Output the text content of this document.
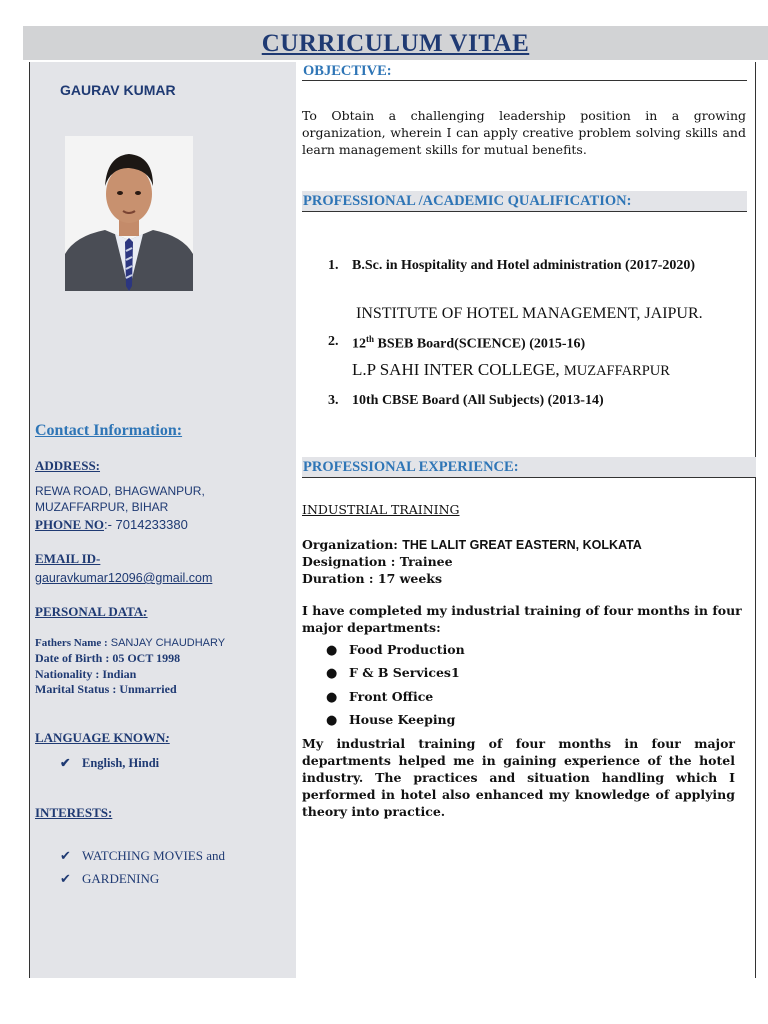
CURRICULUM VITAE
GAURAV KUMAR
Contact Information:
ADDRESS:
REWA ROAD, BHAGWANPUR,
MUZAFFARPUR, BIHAR
PHONE NO:- 7014233380
EMAIL ID-
gauravkumar12096@gmail.com
PERSONAL DATA:
Fathers Name : SANJAY CHAUDHARY
Date of Birth : 05 OCT 1998
Nationality : Indian
Marital Status : Unmarried
LANGUAGE KNOWN:
✔ English, Hindi
INTERESTS:
✔ WATCHING MOVIES and
✔ GARDENING
OBJECTIVE:
To Obtain a challenging leadership position in a growing organization, wherein I can apply creative problem solving skills and learn management skills for mutual benefits.
PROFESSIONAL /ACADEMIC QUALIFICATION:
1. B.Sc. in Hospitality and Hotel administration (2017-2020)
INSTITUTE OF HOTEL MANAGEMENT, JAIPUR.
2. 12th BSEB Board(SCIENCE) (2015-16)
L.P SAHI INTER COLLEGE, MUZAFFARPUR
3. 10th CBSE Board (All Subjects) (2013-14)
PROFESSIONAL EXPERIENCE:
INDUSTRIAL TRAINING
Organization: THE LALIT GREAT EASTERN, KOLKATA
Designation : Trainee
Duration : 17 weeks
I have completed my industrial training of four months in four major departments:
● Food Production
● F & B Services1
● Front Office
● House Keeping
My industrial training of four months in four major departments helped me in gaining experience of the hotel industry. The practices and situation handling which I performed in hotel also enhanced my knowledge of applying theory into practice.
